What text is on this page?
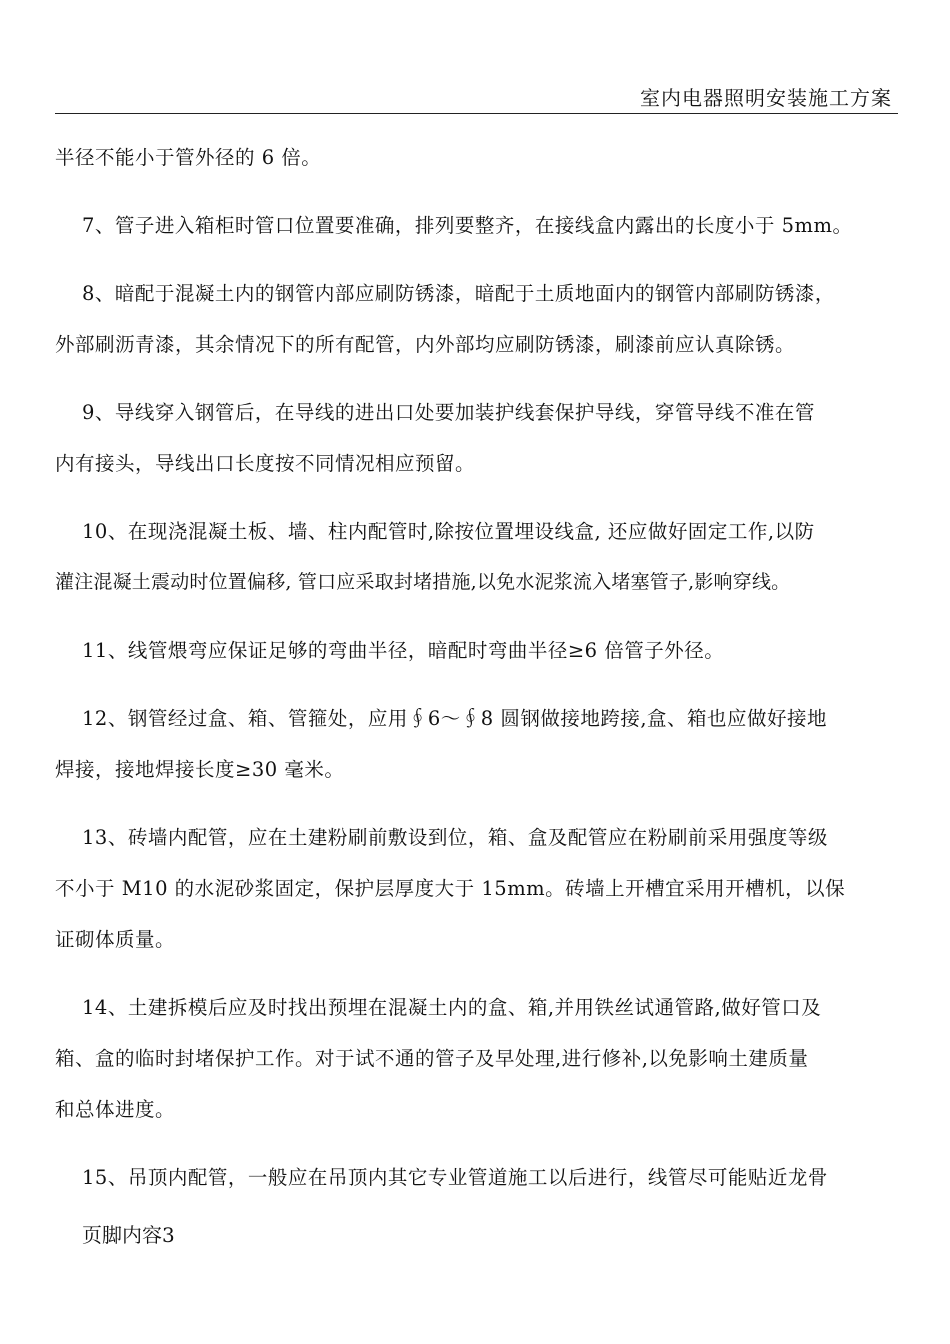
室内电器照明安装施工方案
半径不能小于管外径的 6 倍。
7、管子进入箱柜时管口位置要准确，排列要整齐，在接线盒内露出的长度小于 5mm。
8、暗配于混凝土内的钢管内部应刷防锈漆，暗配于土质地面内的钢管内部刷防锈漆，
外部刷沥青漆，其余情况下的所有配管，内外部均应刷防锈漆，刷漆前应认真除锈。
9、导线穿入钢管后，在导线的进出口处要加装护线套保护导线，穿管导线不准在管
内有接头，导线出口长度按不同情况相应预留。
10、在现浇混凝土板、墙、柱内配管时,除按位置埋设线盒, 还应做好固定工作,以防
灌注混凝土震动时位置偏移, 管口应采取封堵措施,以免水泥浆流入堵塞管子,影响穿线。
11、线管煨弯应保证足够的弯曲半径，暗配时弯曲半径≥6 倍管子外径。
12、钢管经过盒、箱、管箍处，应用∮6～∮8 圆钢做接地跨接,盒、箱也应做好接地
焊接，接地焊接长度≥30 毫米。
13、砖墙内配管，应在土建粉刷前敷设到位，箱、盒及配管应在粉刷前采用强度等级
不小于 M10 的水泥砂浆固定，保护层厚度大于 15mm。砖墙上开槽宜采用开槽机，以保
证砌体质量。
14、土建拆模后应及时找出预埋在混凝土内的盒、箱,并用铁丝试通管路,做好管口及
箱、盒的临时封堵保护工作。对于试不通的管子及早处理,进行修补,以免影响土建质量
和总体进度。
15、吊顶内配管，一般应在吊顶内其它专业管道施工以后进行，线管尽可能贴近龙骨
页脚内容3
